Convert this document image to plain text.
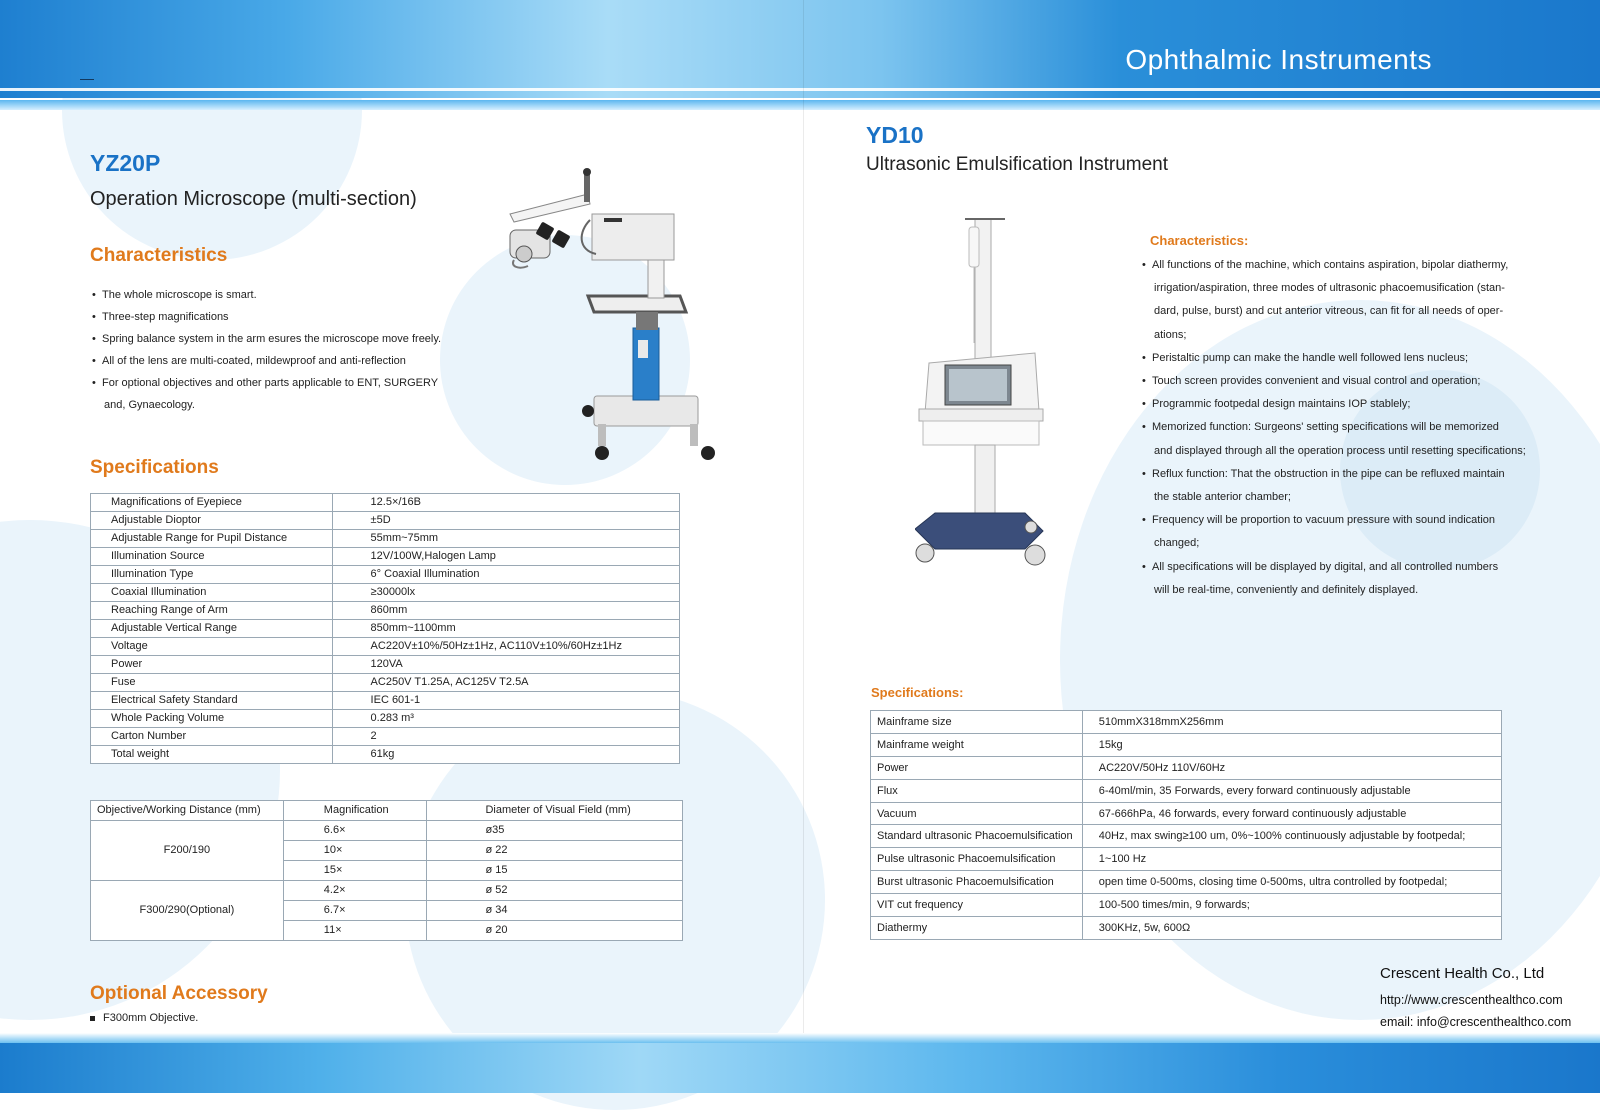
Ophthalmic Instruments
YZ20P
Operation Microscope (multi-section)
Characteristics
• The whole microscope is smart.
• Three-step magnifications
• Spring balance system in the arm esures the microscope move freely.
• All of the lens are multi-coated, mildewproof and anti-reflection
• For optional objectives and other parts applicable to ENT, SURGERY
and, Gynaecology.
Specifications
Magnifications of Eyepiece	12.5×/16B
Adjustable Dioptor	±5D
Adjustable Range for Pupil Distance	55mm~75mm
Illumination Source	12V/100W,Halogen Lamp
Illumination Type	6° Coaxial Illumination
Coaxial Illumination	≥30000lx
Reaching Range of Arm	860mm
Adjustable Vertical Range	850mm~1100mm
Voltage	AC220V±10%/50Hz±1Hz, AC110V±10%/60Hz±1Hz
Power	120VA
Fuse	AC250V T1.25A, AC125V T2.5A
Electrical Safety Standard	IEC 601-1
Whole Packing Volume	0.283 m³
Carton Number	2
Total weight	61kg
Objective/Working Distance (mm)	Magnification	Diameter of Visual Field (mm)
F200/190	6.6×	ø35
	10×	ø 22
	15×	ø 15
F300/290(Optional)	4.2×	ø 52
	6.7×	ø 34
	11×	ø 20
Optional Accessory
F300mm Objective.
YD10
Ultrasonic Emulsification Instrument
Characteristics:
• All functions of the machine, which contains aspiration, bipolar diathermy,
irrigation/aspiration, three modes of ultrasonic phacoemusification (stan-
dard, pulse, burst) and cut anterior vitreous, can fit for all needs of oper-
ations;
• Peristaltic pump can make the handle well followed lens nucleus;
• Touch screen provides convenient and visual control and operation;
• Programmic footpedal design maintains IOP stablely;
• Memorized function: Surgeons' setting specifications will be memorized
and displayed through all the operation process until resetting specifications;
• Reflux function: That the obstruction in the pipe can be refluxed maintain
the stable anterior chamber;
• Frequency will be proportion to vacuum pressure with sound indication
changed;
• All specifications will be displayed by digital, and all controlled numbers
will be real-time, conveniently and definitely displayed.
Specifications:
Mainframe size	510mmX318mmX256mm
Mainframe weight	15kg
Power	AC220V/50Hz 110V/60Hz
Flux	6-40ml/min, 35 Forwards, every forward continuously adjustable
Vacuum	67-666hPa, 46 forwards, every forward continuously adjustable
Standard ultrasonic Phacoemulsification	40Hz, max swing≥100 um, 0%~100% continuously adjustable by footpedal;
Pulse ultrasonic Phacoemulsification	1~100 Hz
Burst ultrasonic Phacoemulsification	open time 0-500ms, closing time 0-500ms, ultra controlled by footpedal;
VIT cut frequency	100-500 times/min, 9 forwards;
Diathermy	300KHz, 5w, 600Ω
Crescent Health Co., Ltd
http://www.crescenthealthco.com
email: info@crescenthealthco.com
